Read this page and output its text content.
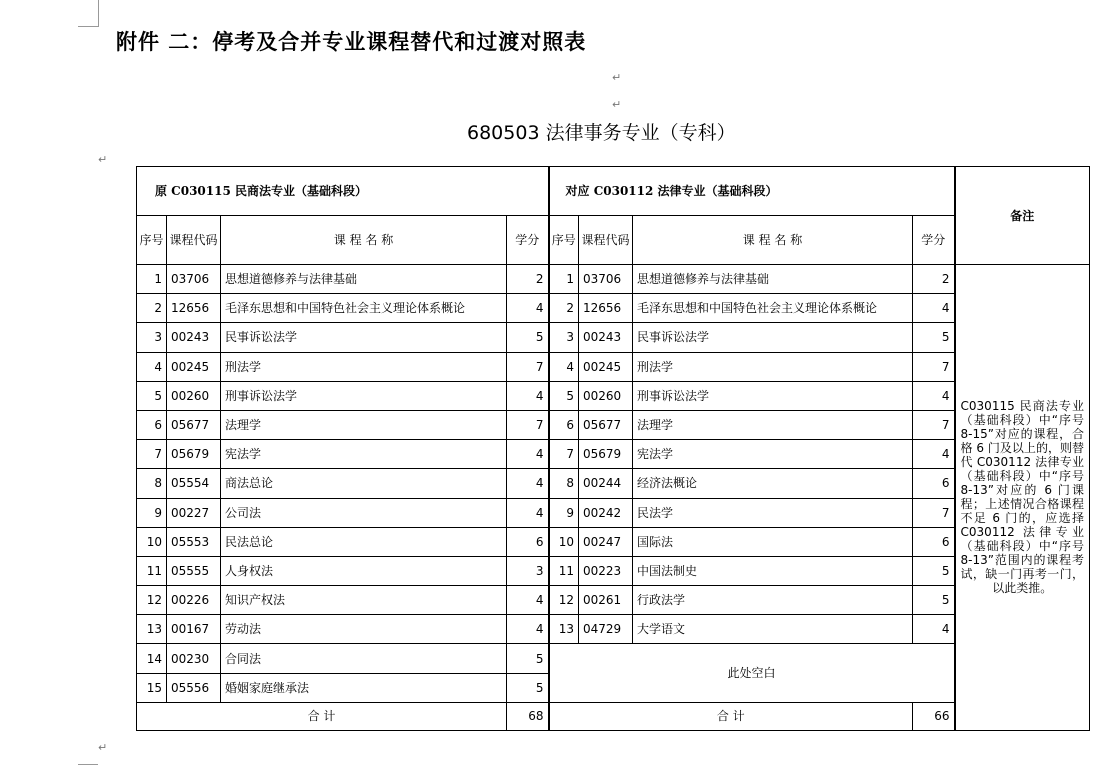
附件 二：停考及合并专业课程替代和过渡对照表
↵
↵
680503 法律事务专业（专科）
↵
原 C030115 民商法专业（基础科段）				对应 C030112 法律专业（基础科段）				备注
序号	课程代码	课 程 名 称	学分	序号	课程代码	课 程 名 称	学分	
1	03706	思想道德修养与法律基础	2	1	03706	思想道德修养与法律基础	2	C030115 民商法专业（基础科段）中“序号 8-15”对应的课程，合格 6 门及以上的，则替代 C030112 法律专业（基础科段）中“序号 8-13”对应的 6 门课程；上述情况合格课程不足 6 门的，应选择 C030112 法律专业（基础科段）中“序号 8-13”范围内的课程考试，缺一门再考一门，以此类推。
2	12656	毛泽东思想和中国特色社会主义理论体系概论	4	2	12656	毛泽东思想和中国特色社会主义理论体系概论	4	
3	00243	民事诉讼法学	5	3	00243	民事诉讼法学	5	
4	00245	刑法学	7	4	00245	刑法学	7	
5	00260	刑事诉讼法学	4	5	00260	刑事诉讼法学	4	
6	05677	法理学	7	6	05677	法理学	7	
7	05679	宪法学	4	7	05679	宪法学	4	
8	05554	商法总论	4	8	00244	经济法概论	6	
9	00227	公司法	4	9	00242	民法学	7	
10	05553	民法总论	6	10	00247	国际法	6	
11	05555	人身权法	3	11	00223	中国法制史	5	
12	00226	知识产权法	4	12	00261	行政法学	5	
13	00167	劳动法	4	13	04729	大学语文	4	
14	00230	合同法	5	此处空白				
15	05556	婚姻家庭继承法	5					
合 计			68	合 计			66	
↵
